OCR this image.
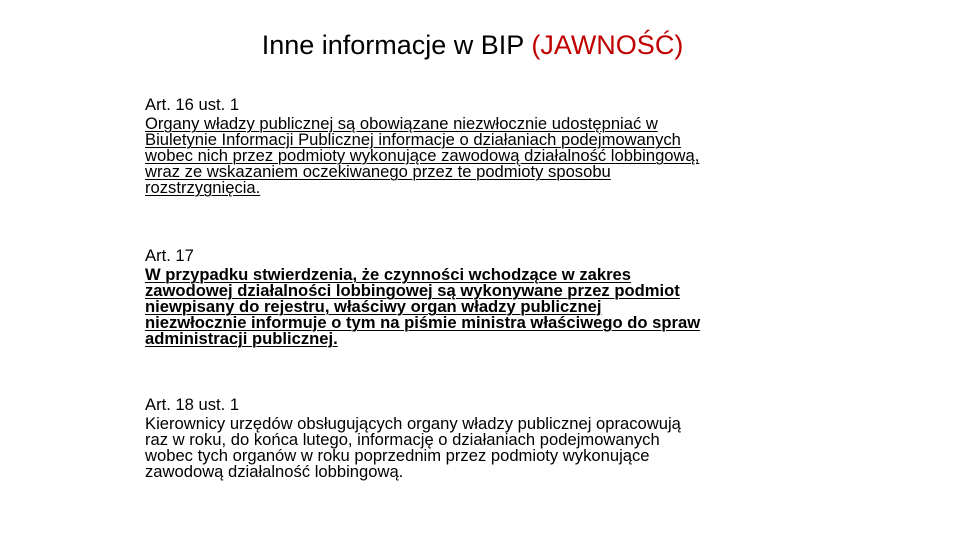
Inne informacje w BIP (JAWNOŚĆ)
Art. 16 ust. 1
Organy władzy publicznej są obowiązane niezwłocznie udostępniać w
Biuletynie Informacji Publicznej informacje o działaniach podejmowanych
wobec nich przez podmioty wykonujące zawodową działalność lobbingową,
wraz ze wskazaniem oczekiwanego przez te podmioty sposobu
rozstrzygnięcia.
Art. 17
W przypadku stwierdzenia, że czynności wchodzące w zakres
zawodowej działalności lobbingowej są wykonywane przez podmiot
niewpisany do rejestru, właściwy organ władzy publicznej
niezwłocznie informuje o tym na piśmie ministra właściwego do spraw
administracji publicznej.
Art. 18 ust. 1
Kierownicy urzędów obsługujących organy władzy publicznej opracowują
raz w roku, do końca lutego, informację o działaniach podejmowanych
wobec tych organów w roku poprzednim przez podmioty wykonujące
zawodową działalność lobbingową.
